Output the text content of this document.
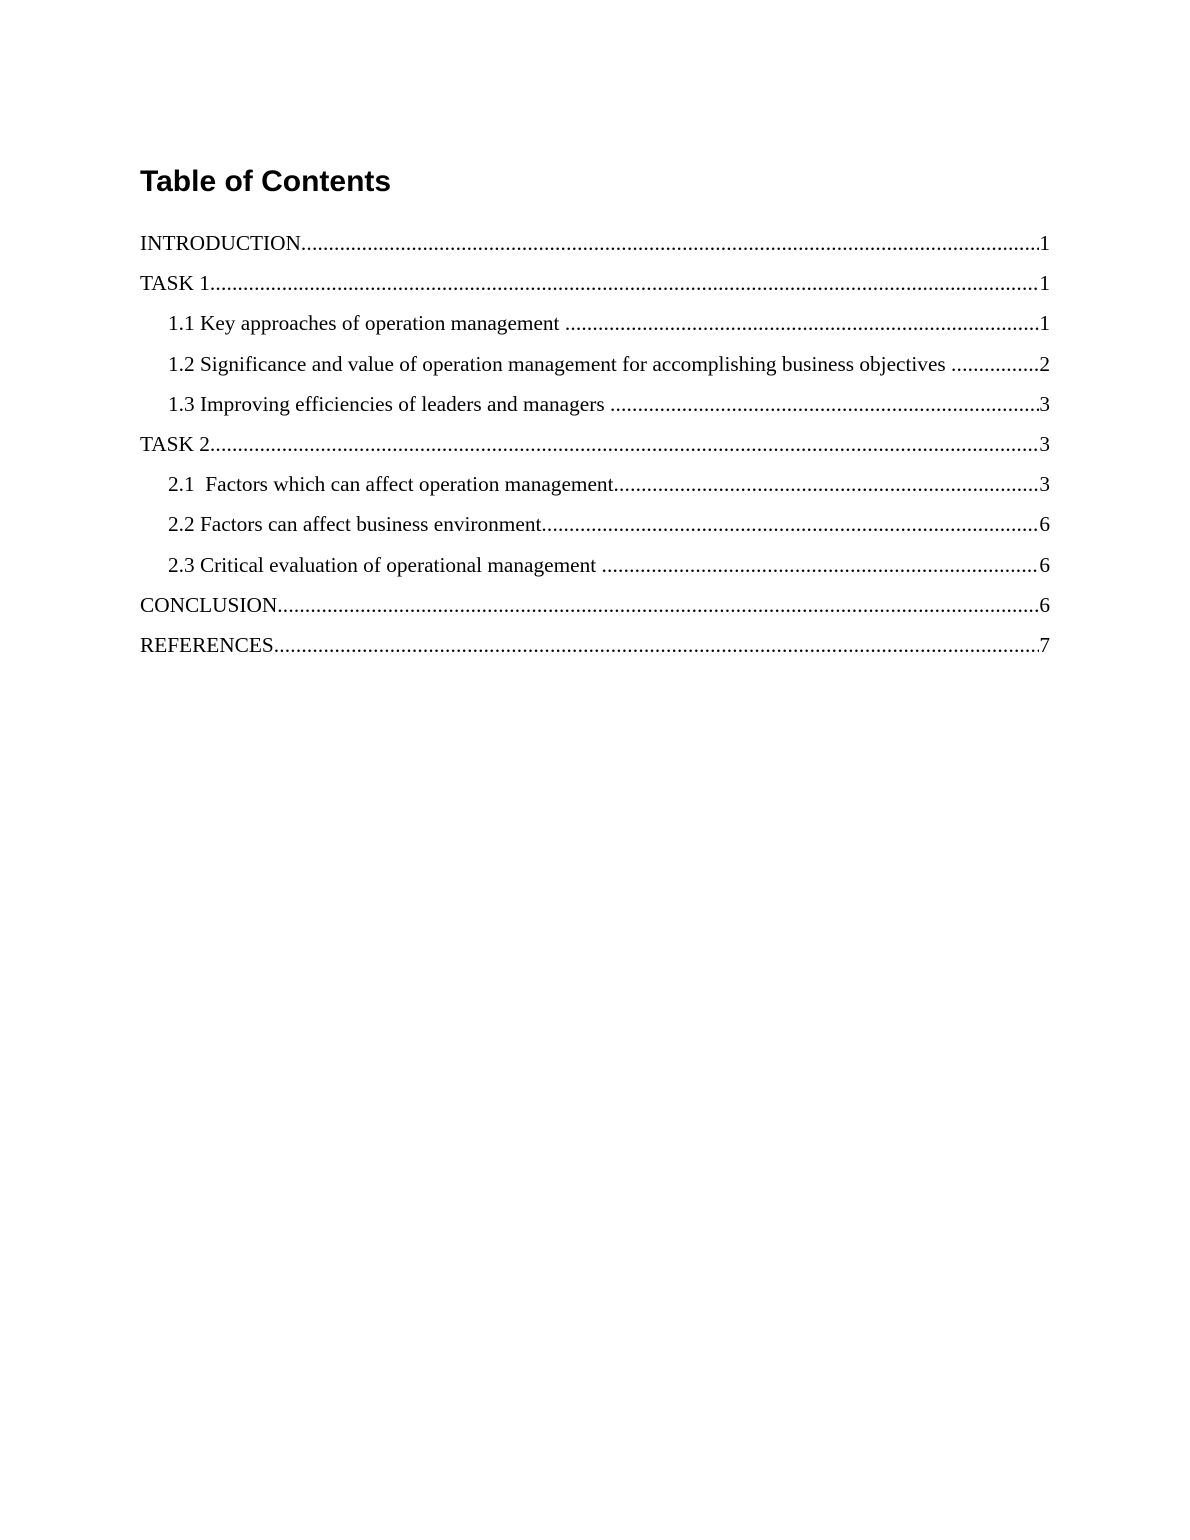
Table of Contents
INTRODUCTION .....	1
TASK 1 .....	1
1.1 Key approaches of operation management .....	1
1.2 Significance and value of operation management for accomplishing business objectives .....	2
1.3 Improving efficiencies of leaders and managers .....	3
TASK 2 .....	3
2.1  Factors which can affect operation management .....	3
2.2 Factors can affect business environment .....	6
2.3 Critical evaluation of operational management .....	6
CONCLUSION .....	6
REFERENCES .....	7
